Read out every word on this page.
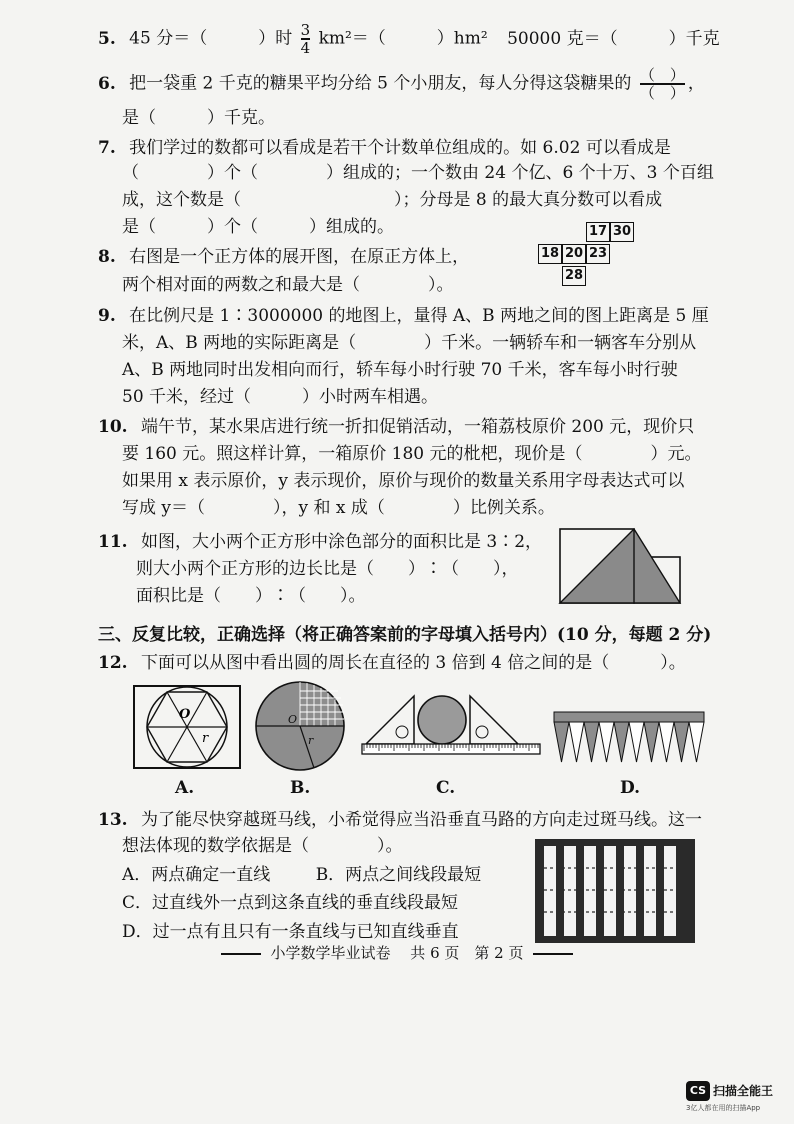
5. 45 分＝（　　　）时 $\frac{3}{4} km^2=$（　　　）hm² 50000 克＝（　　　）千克
6. 把一袋重 2 千克的糖果平均分给 5 个小朋友，每人分得这袋糖果的 $\frac{( )}{( )}$ ，
是（　　　）千克。
7. 我们学过的数都可以看成是若干个计数单位组成的。如 6.02 可以看成是
（　　　　）个（　　　　）组成的；一个数由 24 个亿、6 个十万、3 个百组
成，这个数是（　　　　　　　　　）；分母是 8 的最大真分数可以看成
是（　　　）个（　　　）组成的。
8. 右图是一个正方体的展开图，在原正方体上，
两个相对面的两数之和最大是（　　　　）。
17 30
18 20 23
28
9. 在比例尺是 1∶3000000 的地图上，量得 A、B 两地之间的图上距离是 5 厘
米，A、B 两地的实际距离是（　　　　）千米。一辆轿车和一辆客车分别从
A、B 两地同时出发相向而行，轿车每小时行驶 70 千米，客车每小时行驶
50 千米，经过（　　　）小时两车相遇。
10. 端午节，某水果店进行统一折扣促销活动，一箱荔枝原价 200 元，现价只
要 160 元。照这样计算，一箱原价 180 元的枇杷，现价是（　　　　）元。
如果用 x 表示原价，y 表示现价，原价与现价的数量关系用字母表达式可以
写成 y＝（　　　　），y 和 x 成（　　　　）比例关系。
11. 如图，大小两个正方形中涂色部分的面积比是 3∶2，
则大小两个正方形的边长比是（　　）∶（　　），
面积比是（　　）∶（　　）。
三、反复比较，正确选择（将正确答案前的字母填入括号内）(10 分，每题 2 分)
12. 下面可以从图中看出圆的周长在直径的 3 倍到 4 倍之间的是（　　　）。
O
r
O
r
A.	B.	C.	D.
13. 为了能尽快穿越斑马线，小希觉得应当沿垂直马路的方向走过斑马线。这一
想法体现的数学依据是（　　　　）。
A．两点确定一直线	B．两点之间线段最短
C．过直线外一点到这条直线的垂直线段最短
D．过一点有且只有一条直线与已知直线垂直
小学数学毕业试卷　 共 6 页　第 2 页
CS 扫描全能王
3亿人都在用的扫描App
